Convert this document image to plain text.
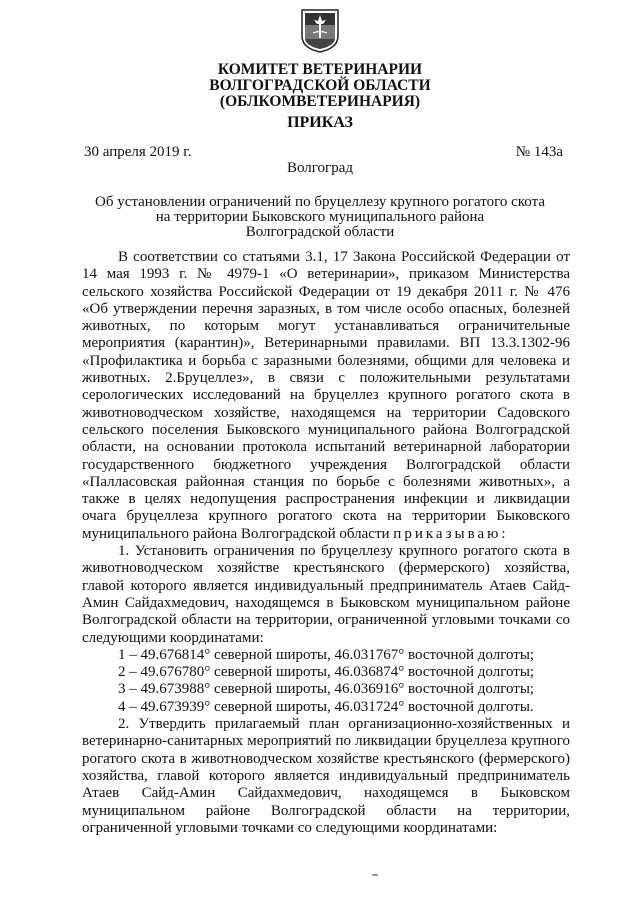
КОМИТЕТ ВЕТЕРИНАРИИ
ВОЛГОГРАДСКОЙ ОБЛАСТИ
(ОБЛКОМВЕТЕРИНАРИЯ)
ПРИКАЗ
30 апреля 2019 г.	№ 143а
Волгоград
Об установлении ограничений по бруцеллезу крупного рогатого скота
на территории Быковского муниципального района
Волгоградской области

В соответствии со статьями 3.1, 17 Закона Российской Федерации от 14 мая 1993 г. № 4979-1 «О ветеринарии», приказом Министерства сельского хозяйства Российской Федерации от 19 декабря 2011 г. № 476 «Об утверждении перечня заразных, в том числе особо опасных, болезней животных, по которым могут устанавливаться ограничительные мероприятия (карантин)», Ветеринарными правилами. ВП 13.3.1302-96 «Профилактика и борьба с заразными болезнями, общими для человека и животных. 2.Бруцеллез», в связи с положительными результатами серологических исследований на бруцеллез крупного рогатого скота в животноводческом хозяйстве, находящемся на территории Садовского сельского поселения Быковского муниципального района Волгоградской области, на основании протокола испытаний ветеринарной лаборатории государственного бюджетного учреждения Волгоградской области «Палласовская районная станция по борьбе с болезнями животных», а также в целях недопущения распространения инфекции и ликвидации очага бруцеллеза крупного рогатого скота на территории Быковского муниципального района Волгоградской области приказываю:

1. Установить ограничения по бруцеллезу крупного рогатого скота в животноводческом хозяйстве крестьянского (фермерского) хозяйства, главой которого является индивидуальный предприниматель Атаев Сайд-Амин Сайдахмедович, находящемся в Быковском муниципальном районе Волгоградской области на территории, ограниченной угловыми точками со следующими координатами:

1 – 49.676814° северной широты, 46.031767° восточной долготы;
2 – 49.676780° северной широты, 46.036874° восточной долготы;
3 – 49.673988° северной широты, 46.036916° восточной долготы;
4 – 49.673939° северной широты, 46.031724° восточной долготы.

2. Утвердить прилагаемый план организационно-хозяйственных и ветеринарно-санитарных мероприятий по ликвидации бруцеллеза крупного рогатого скота в животноводческом хозяйстве крестьянского (фермерского) хозяйства, главой которого является индивидуальный предприниматель Атаев Сайд-Амин Сайдахмедович, находящемся в Быковском муниципальном районе Волгоградской области на территории, ограниченной угловыми точками со следующими координатами:
